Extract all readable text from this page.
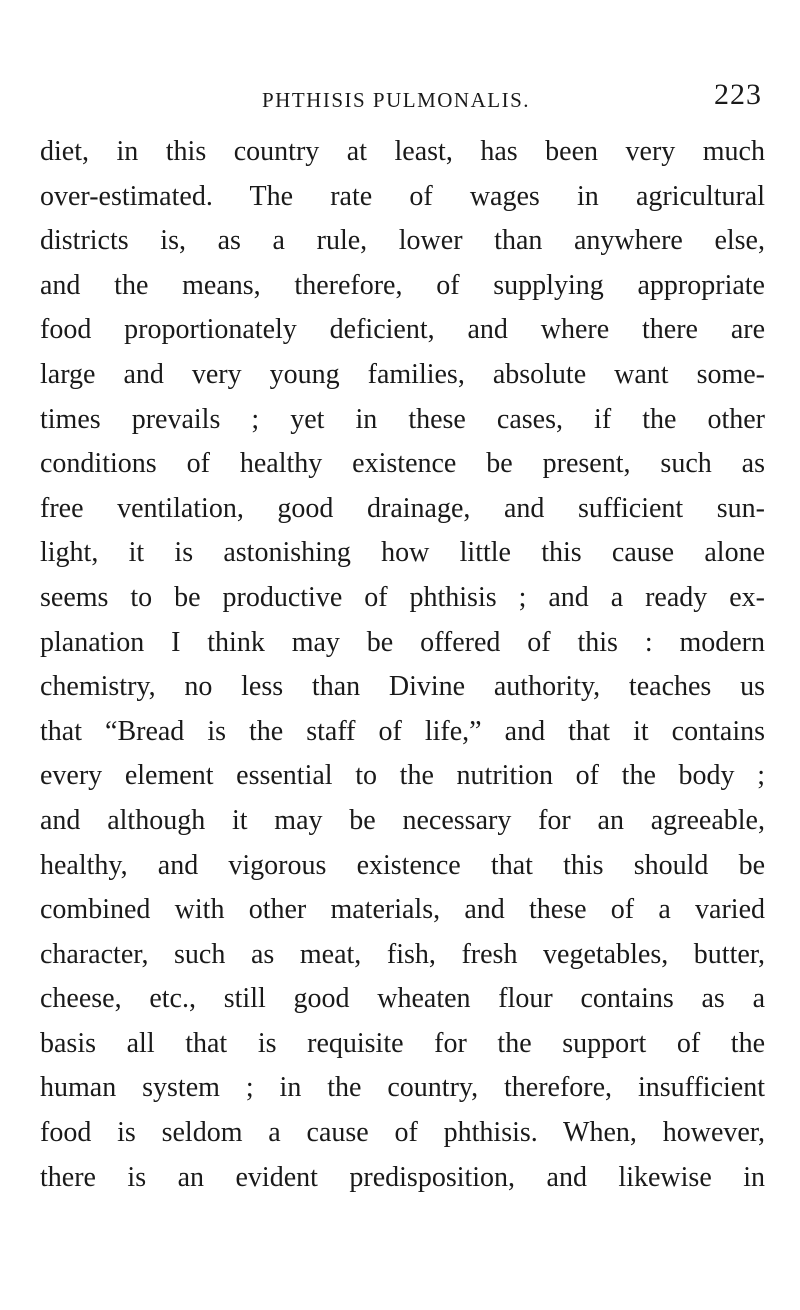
PHTHISIS PULMONALIS.	223

diet, in this country at least, has been very much
over-estimated. The rate of wages in agricultural
districts is, as a rule, lower than anywhere else,
and the means, therefore, of supplying appropriate
food proportionately deficient, and where there are
large and very young families, absolute want some-
times prevails ; yet in these cases, if the other
conditions of healthy existence be present, such as
free ventilation, good drainage, and sufficient sun-
light, it is astonishing how little this cause alone
seems to be productive of phthisis ; and a ready ex-
planation I think may be offered of this : modern
chemistry, no less than Divine authority, teaches us
that “Bread is the staff of life,” and that it contains
every element essential to the nutrition of the body ;
and although it may be necessary for an agreeable,
healthy, and vigorous existence that this should be
combined with other materials, and these of a varied
character, such as meat, fish, fresh vegetables, butter,
cheese, etc., still good wheaten flour contains as a
basis all that is requisite for the support of the
human system ; in the country, therefore, insufficient
food is seldom a cause of phthisis. When, however,
there is an evident predisposition, and likewise in
